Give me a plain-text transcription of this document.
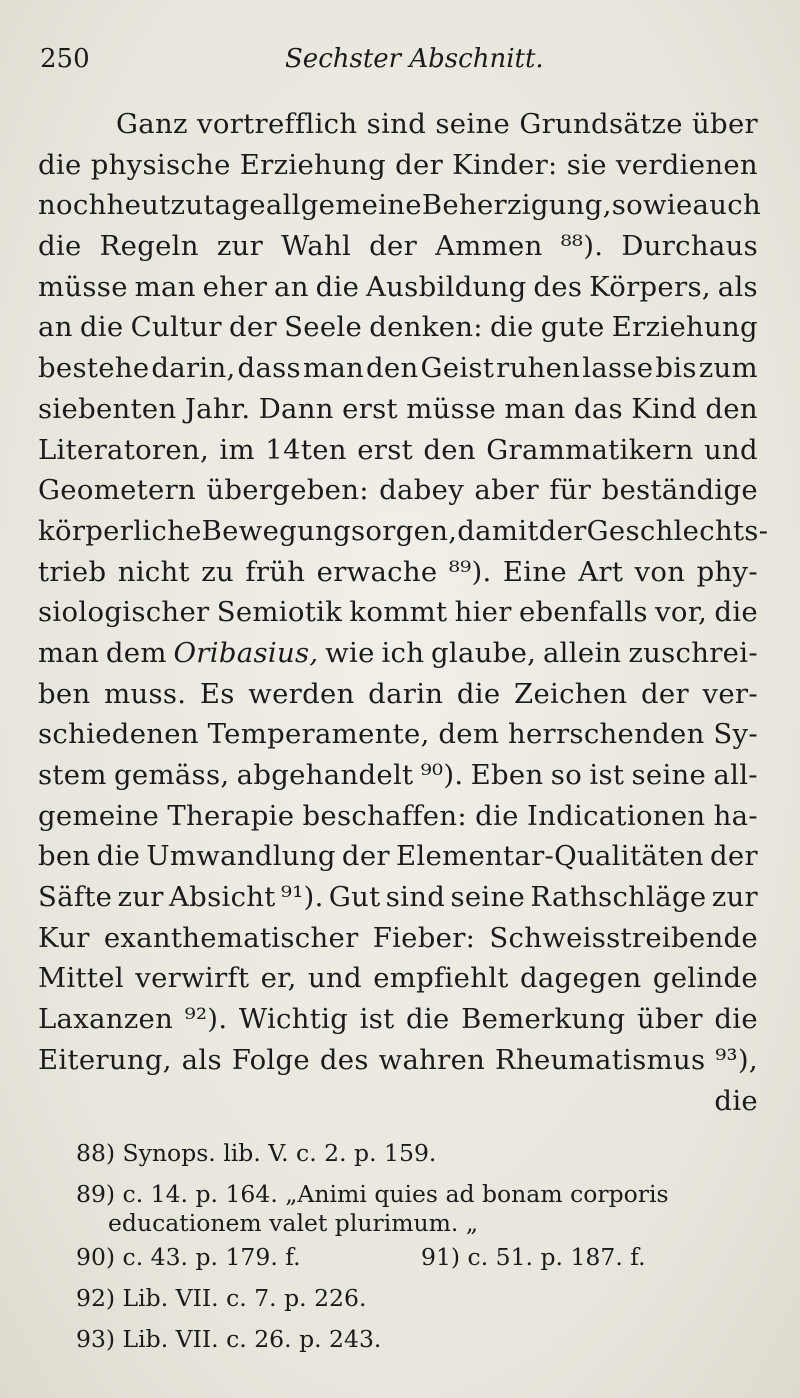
250	Sechster Abschnitt.
Ganz vortrefflich sind seine Grundsätze über
die physische Erziehung der Kinder: sie verdienen
noch heutzutage allgemeine Beherzigung, so wie auch
die Regeln zur Wahl der Ammen ⁸⁸). Durchaus
müsse man eher an die Ausbildung des Körpers, als
an die Cultur der Seele denken: die gute Erziehung
bestehe darin, dass man den Geist ruhen lasse bis zum
siebenten Jahr. Dann erst müsse man das Kind den
Literatoren, im 14ten erst den Grammatikern und
Geometern übergeben: dabey aber für beständige
körperliche Bewegung sorgen, damit der Geschlechts-
trieb nicht zu früh erwache ⁸⁹). Eine Art von phy-
siologischer Semiotik kommt hier ebenfalls vor, die
man dem Oribasius, wie ich glaube, allein zuschrei-
ben muss. Es werden darin die Zeichen der ver-
schiedenen Temperamente, dem herrschenden Sy-
stem gemäss, abgehandelt ⁹⁰). Eben so ist seine all-
gemeine Therapie beschaffen: die Indicationen ha-
ben die Umwandlung der Elementar-Qualitäten der
Säfte zur Absicht ⁹¹). Gut sind seine Rathschläge zur
Kur exanthematischer Fieber: Schweisstreibende
Mittel verwirft er, und empfiehlt dagegen gelinde
Laxanzen ⁹²). Wichtig ist die Bemerkung über die
Eiterung, als Folge des wahren Rheumatismus ⁹³),
die
88) Synops. lib. V. c. 2. p. 159.
89) c. 14. p. 164. „Animi quies ad bonam corporis
educationem valet plurimum. „
90) c. 43. p. 179. f.	91) c. 51. p. 187. f.
92) Lib. VII. c. 7. p. 226.
93) Lib. VII. c. 26. p. 243.
